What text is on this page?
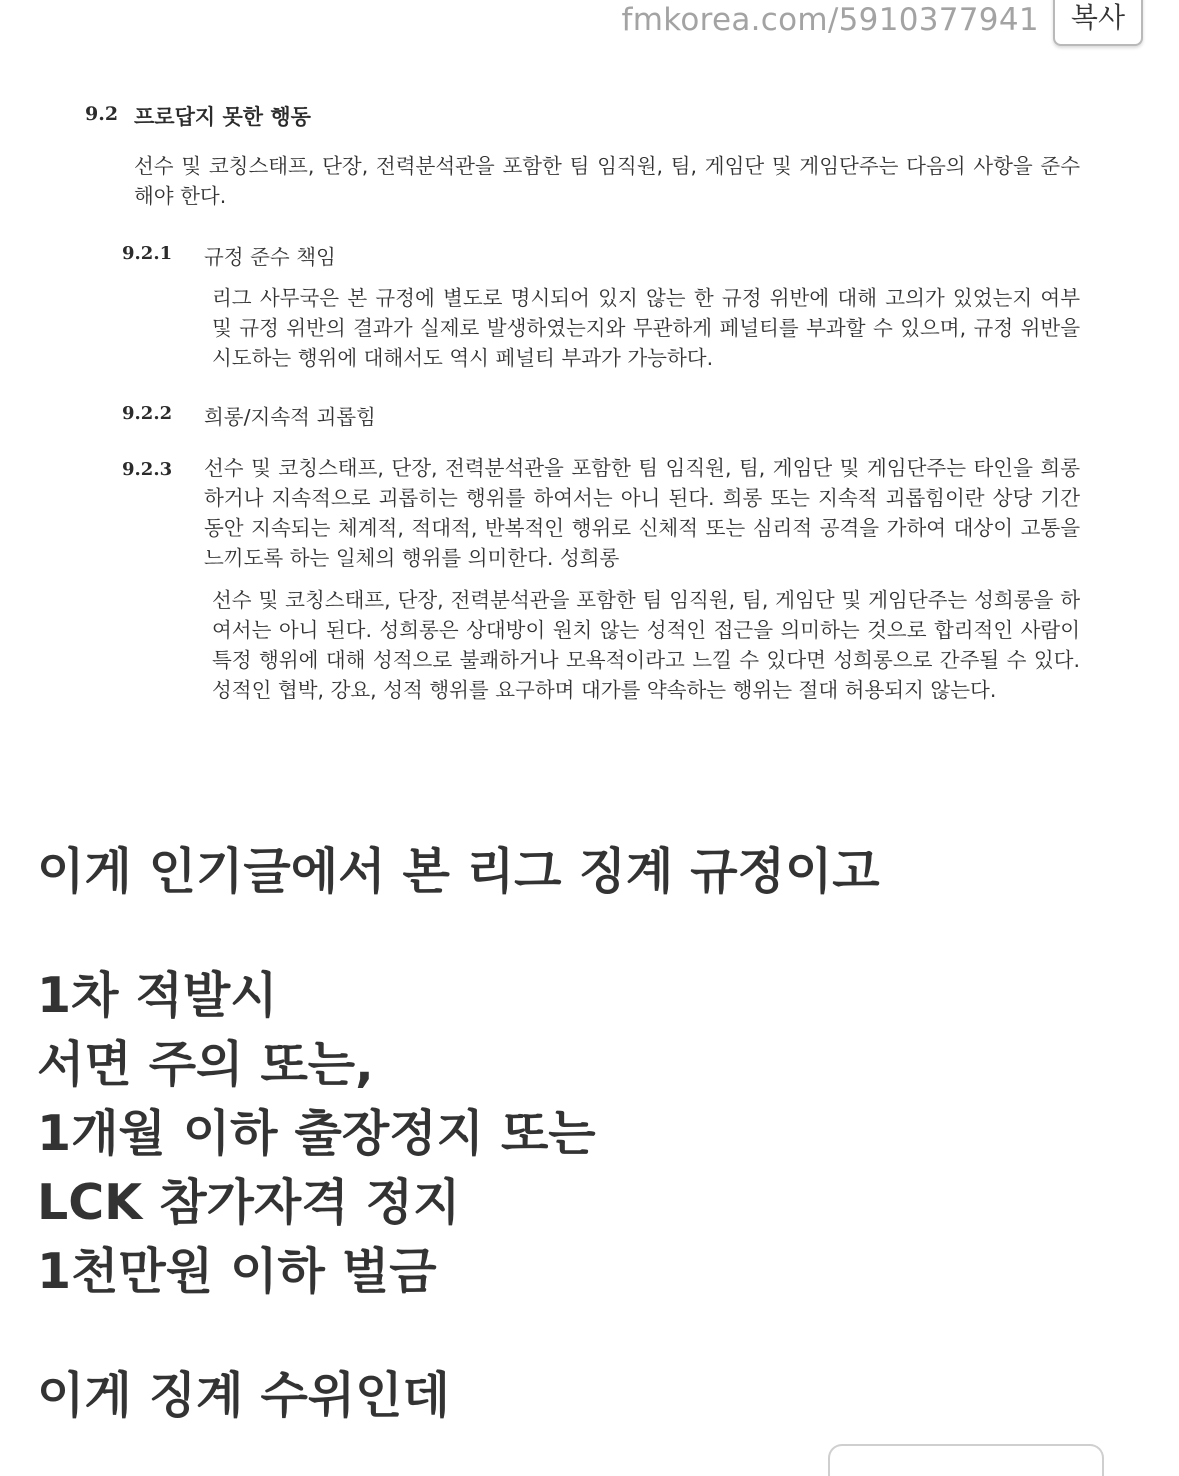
fmkorea.com/5910377941	복사
9.2 프로답지 못한 행동
선수 및 코칭스태프, 단장, 전력분석관을 포함한 팀 임직원, 팀, 게임단 및 게임단주는 다음의 사항을 준수해야 한다.
9.2.1 규정 준수 책임
리그 사무국은 본 규정에 별도로 명시되어 있지 않는 한 규정 위반에 대해 고의가 있었는지 여부 및 규정 위반의 결과가 실제로 발생하였는지와 무관하게 페널티를 부과할 수 있으며, 규정 위반을 시도하는 행위에 대해서도 역시 페널티 부과가 가능하다.
9.2.2 희롱/지속적 괴롭힘
9.2.3 선수 및 코칭스태프, 단장, 전력분석관을 포함한 팀 임직원, 팀, 게임단 및 게임단주는 타인을 희롱하거나 지속적으로 괴롭히는 행위를 하여서는 아니 된다. 희롱 또는 지속적 괴롭힘이란 상당 기간 동안 지속되는 체계적, 적대적, 반복적인 행위로 신체적 또는 심리적 공격을 가하여 대상이 고통을 느끼도록 하는 일체의 행위를 의미한다. 성희롱
선수 및 코칭스태프, 단장, 전력분석관을 포함한 팀 임직원, 팀, 게임단 및 게임단주는 성희롱을 하여서는 아니 된다. 성희롱은 상대방이 원치 않는 성적인 접근을 의미하는 것으로 합리적인 사람이 특정 행위에 대해 성적으로 불쾌하거나 모욕적이라고 느낄 수 있다면 성희롱으로 간주될 수 있다. 성적인 협박, 강요, 성적 행위를 요구하며 대가를 약속하는 행위는 절대 허용되지 않는다.
이게 인기글에서 본 리그 징계 규정이고
1차 적발시
서면 주의 또는,
1개월 이하 출장정지 또는
LCK 참가자격 정지
1천만원 이하 벌금
이게 징계 수위인데
